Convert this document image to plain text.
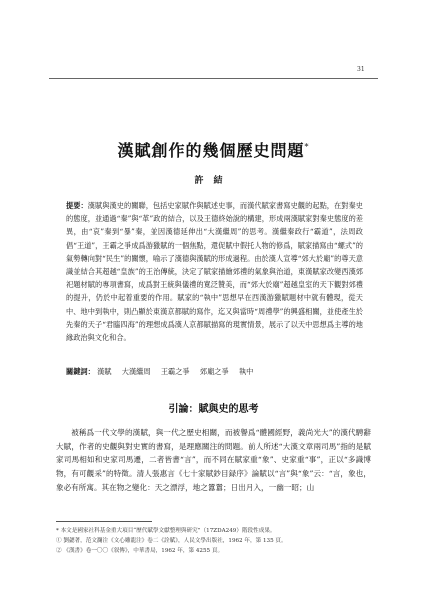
31
漢賦創作的幾個歷史問題*
許結
提要：漢賦與漢史的關聯，包括史家賦作與賦述史事，而漢代賦家書寫史觀的起點，在對秦史的態度，並通過“秦”與“革”政的結合，以及王德終始說的構建，形成兩漢賦家對秦史態度的差異，由“哀”秦到“暴”秦，並因漢德延伸出“大漢繼周”的思考。漢繼秦政行“霸道”，法周政倡“王道”，王霸之爭成爲游獵賦的一個焦點，還促賦中假托人物的修爲，賦家描寫由“螺式”的氣勢轉向對“民生”的關懷，喻示了漢德與漢賦的形成過程。由於漢人宣導“郊大於廟”的尊天意識並結合其超越“皇族”的王治傳統，決定了賦家描繪郊禮的氣象與治道，東漢賦家改變西漢郊祀題材賦的專項書寫，成爲對王統與儀禮的寬泛贊美，而“郊大於廟”超越皇室的天下觀對郊禮的提升，仍於中起着重要的作用。賦家的“執中”思想早在西漢游獵賦題材中就有體現，從天中、地中到執中，則凸顯於東漢京都賦的寫作，迄又與當時“周禮學”的興盛相關，並使產生於先秦的天子“君臨四海”的理想成爲漢人京都賦描寫的現實情景，展示了以天中思想爲主導的地緣政治與文化和合。
關鍵詞： 漢賦 大漢繼周 王霸之爭 郊廟之爭 執中
引論：賦與史的思考

被稱爲一代文學的漢賦，與一代之歷史相關，而被譽爲“體國經野，義尚光大”的漢代騁辭大賦，作者的史觀與對史實的書寫，是理應關注的問題。前人所述“大漢文章兩司馬”指的是賦家司馬相如和史家司馬遷，二者皆書“言”，而不同在賦家重“象”、史家重“事”，正以“多識博物，有可觀采”的特徵。清人張惠言《七十家賦鈔目録序》論賦以“言”與“象”云：“言，象也，象必有所寓。其在物之變化：天之漂浮，地之囂囂；日出月入，一幽一昭；山

* 本文是國家社科基金重大項目“歷代賦學文獻整理與研究”（17ZDA249）階段性成果。
① 劉勰著，范文瀾注《文心雕龍注》卷二《詮賦》，人民文學出版社，1962 年，第 135 頁。
② 《漢書》卷一〇〇《叙傳》，中華書局，1962 年，第 4255 頁。
